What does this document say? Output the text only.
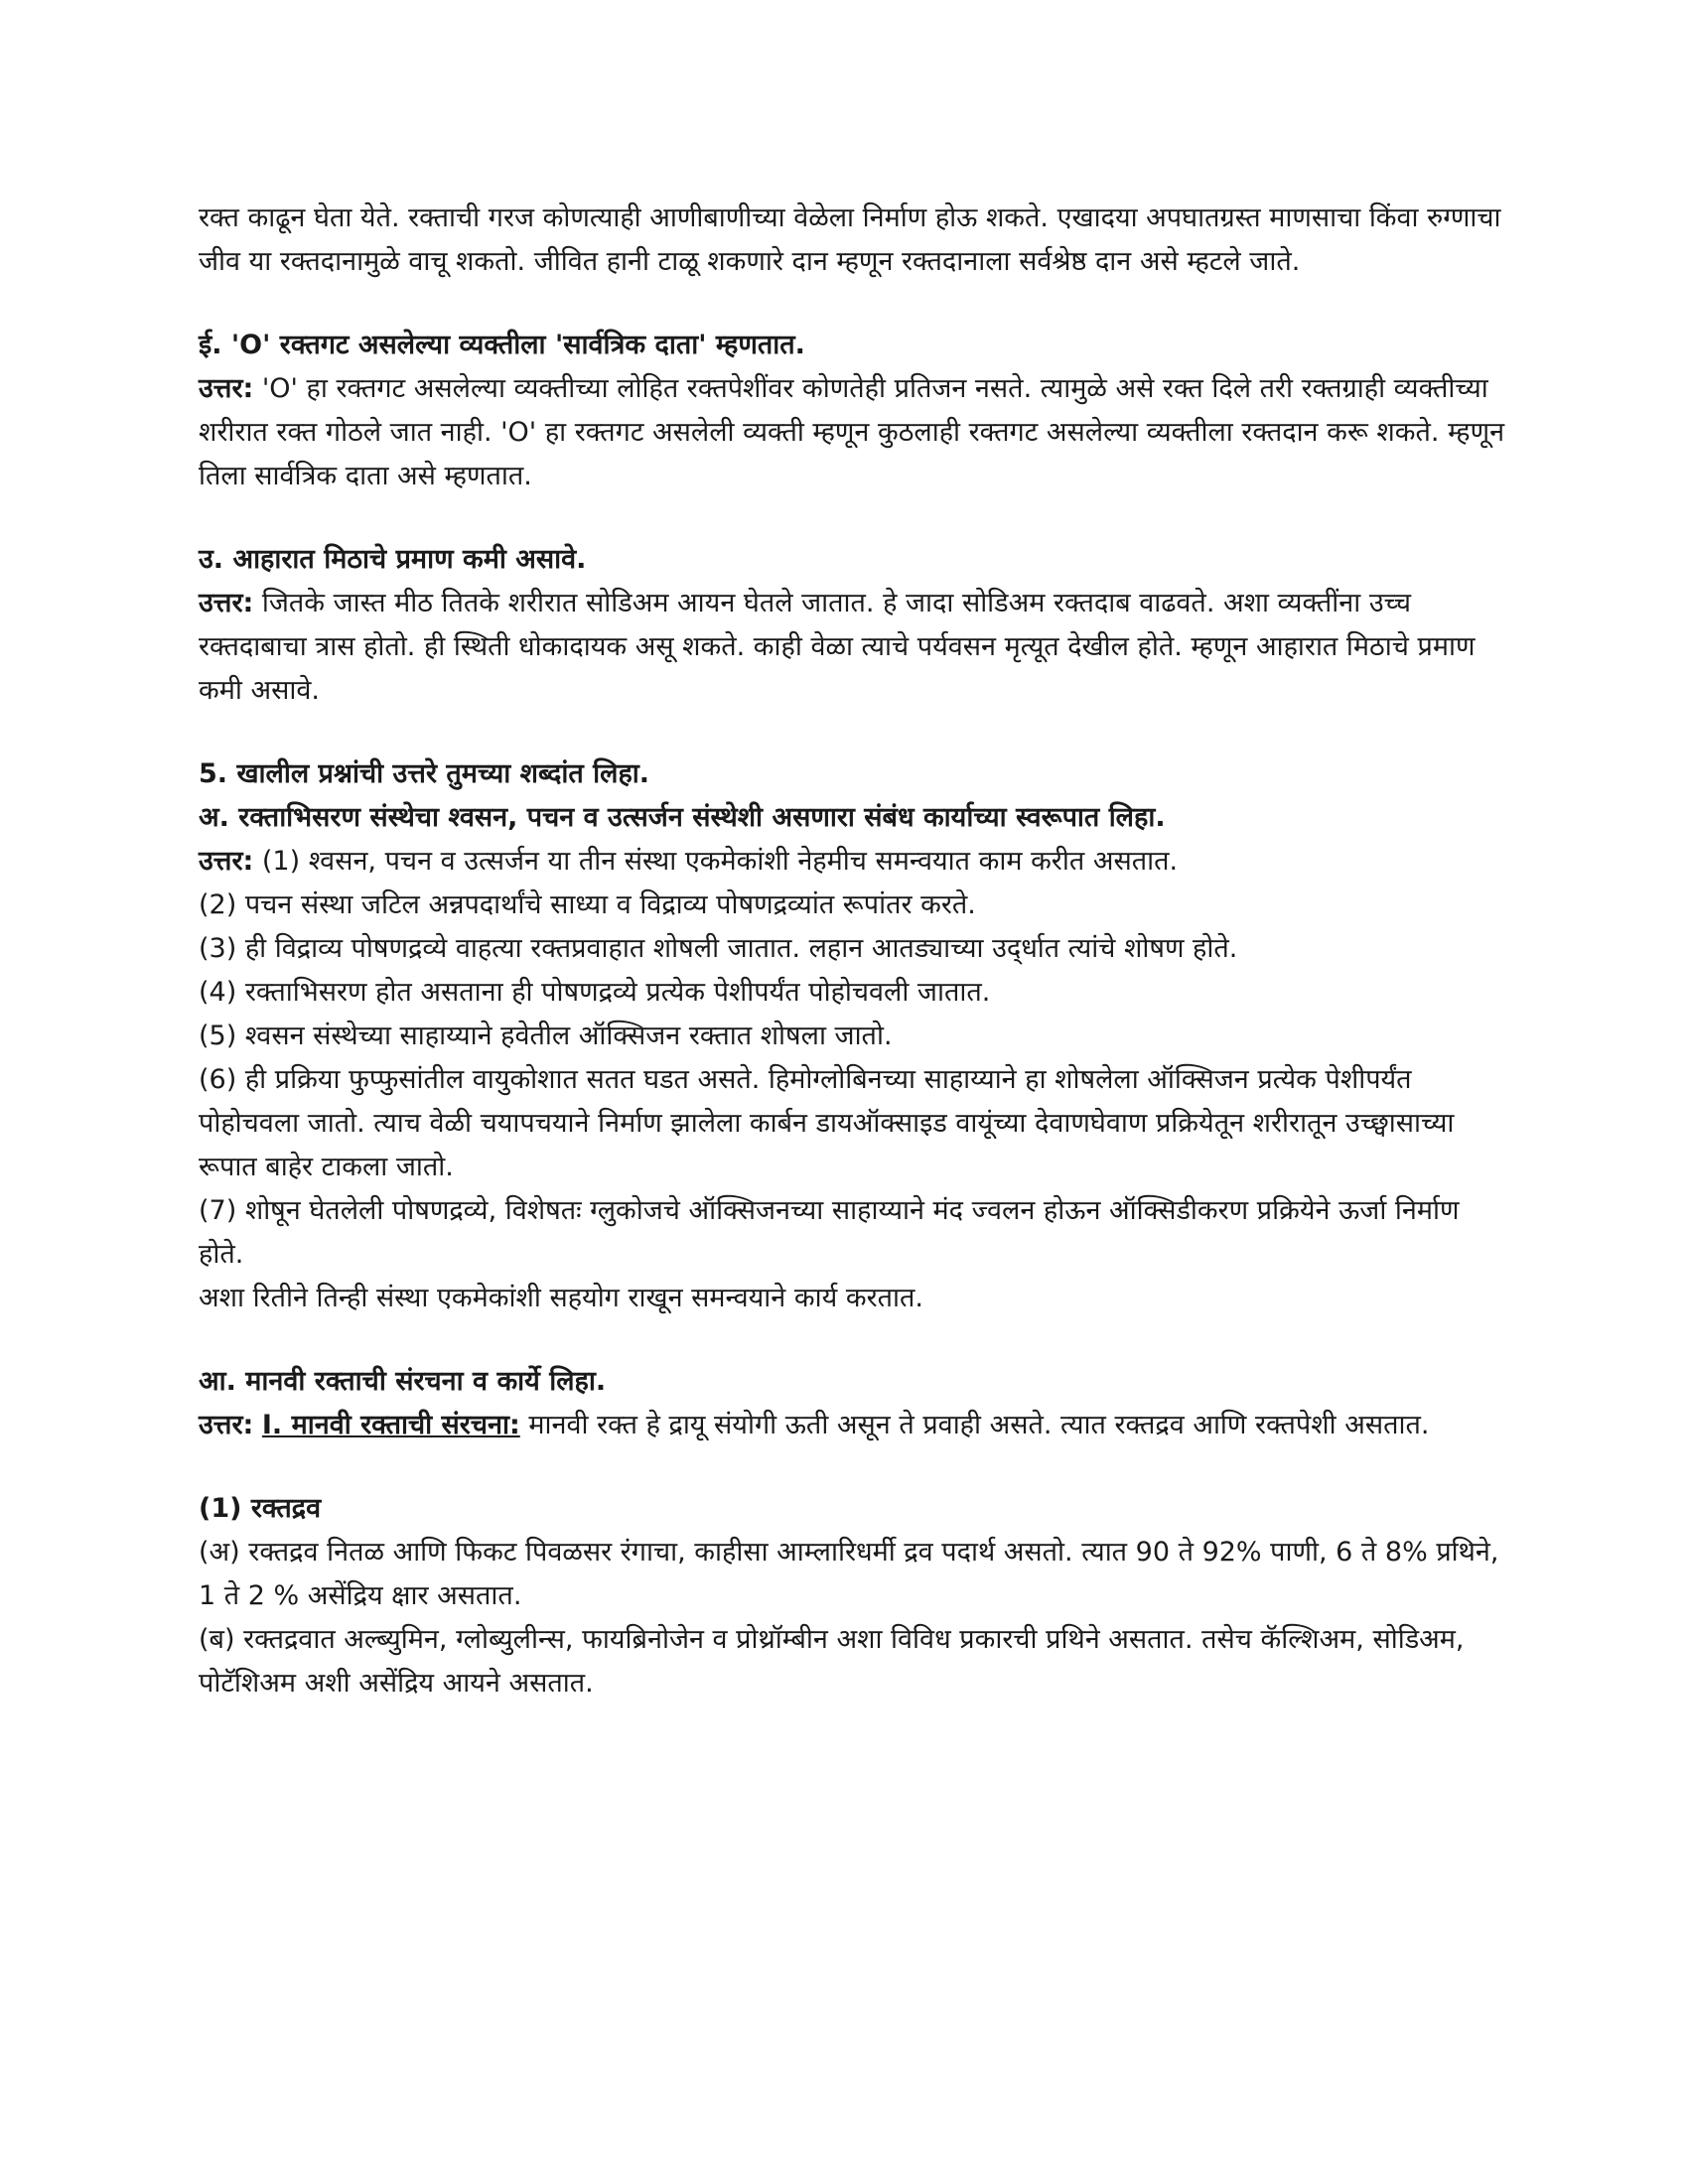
रक्त काढून घेता येते. रक्ताची गरज कोणत्याही आणीबाणीच्या वेळेला निर्माण होऊ शकते. एखादया अपघातग्रस्त माणसाचा किंवा रुग्णाचा जीव या रक्तदानामुळे वाचू शकतो. जीवित हानी टाळू शकणारे दान म्हणून रक्तदानाला सर्वश्रेष्ठ दान असे म्हटले जाते.

ई. 'O' रक्तगट असलेल्या व्यक्तीला 'सार्वत्रिक दाता' म्हणतात.

उत्तर: 'O' हा रक्तगट असलेल्या व्यक्तीच्या लोहित रक्तपेशींवर कोणतेही प्रतिजन नसते. त्यामुळे असे रक्त दिले तरी रक्तग्राही व्यक्तीच्या शरीरात रक्त गोठले जात नाही. 'O' हा रक्तगट असलेली व्यक्ती म्हणून कुठलाही रक्तगट असलेल्या व्यक्तीला रक्तदान करू शकते. म्हणून तिला सार्वत्रिक दाता असे म्हणतात.

उ. आहारात मिठाचे प्रमाण कमी असावे.

उत्तर: जितके जास्त मीठ तितके शरीरात सोडिअम आयन घेतले जातात. हे जादा सोडिअम रक्तदाब वाढवते. अशा व्यक्तींना उच्च रक्तदाबाचा त्रास होतो. ही स्थिती धोकादायक असू शकते. काही वेळा त्याचे पर्यवसन मृत्यूत देखील होते. म्हणून आहारात मिठाचे प्रमाण कमी असावे.

5. खालील प्रश्नांची उत्तरे तुमच्या शब्दांत लिहा.

अ. रक्ताभिसरण संस्थेचा श्वसन, पचन व उत्सर्जन संस्थेशी असणारा संबंध कार्याच्या स्वरूपात लिहा.

उत्तर: (1) श्वसन, पचन व उत्सर्जन या तीन संस्था एकमेकांशी नेहमीच समन्वयात काम करीत असतात.

(2) पचन संस्था जटिल अन्नपदार्थांचे साध्या व विद्राव्य पोषणद्रव्यांत रूपांतर करते.

(3) ही विद्राव्य पोषणद्रव्ये वाहत्या रक्तप्रवाहात शोषली जातात. लहान आतड्याच्या उद्‌र्धात त्यांचे शोषण होते.

(4) रक्ताभिसरण होत असताना ही पोषणद्रव्ये प्रत्येक पेशीपर्यंत पोहोचवली जातात.

(5) श्वसन संस्थेच्या साहाय्याने हवेतील ऑक्सिजन रक्तात शोषला जातो.

(6) ही प्रक्रिया फुप्फुसांतील वायुकोशात सतत घडत असते. हिमोग्लोबिनच्या साहाय्याने हा शोषलेला ऑक्सिजन प्रत्येक पेशीपर्यंत पोहोचवला जातो. त्याच वेळी चयापचयाने निर्माण झालेला कार्बन डायऑक्साइड वायूंच्या देवाणघेवाण प्रक्रियेतून शरीरातून उच्छ्वासाच्या रूपात बाहेर टाकला जातो.

(7) शोषून घेतलेली पोषणद्रव्ये, विशेषतः ग्लुकोजचे ऑक्सिजनच्या साहाय्याने मंद ज्वलन होऊन ऑक्सिडीकरण प्रक्रियेने ऊर्जा निर्माण होते.

अशा रितीने तिन्ही संस्था एकमेकांशी सहयोग राखून समन्वयाने कार्य करतात.

आ. मानवी रक्ताची संरचना व कार्ये लिहा.

उत्तर: I. मानवी रक्ताची संरचना: मानवी रक्त हे द्रायू संयोगी ऊती असून ते प्रवाही असते. त्यात रक्तद्रव आणि रक्तपेशी असतात.

(1) रक्तद्रव

(अ) रक्तद्रव नितळ आणि फिकट पिवळसर रंगाचा, काहीसा आम्लारिधर्मी द्रव पदार्थ असतो. त्यात 90 ते 92% पाणी, 6 ते 8% प्रथिने, 1 ते 2 % असेंद्रिय क्षार असतात.

(ब) रक्तद्रवात अल्ब्युमिन, ग्लोब्युलीन्स, फायब्रिनोजेन व प्रोथ्रॉम्बीन अशा विविध प्रकारची प्रथिने असतात. तसेच कॅल्शिअम, सोडिअम, पोटॅशिअम अशी असेंद्रिय आयने असतात.
